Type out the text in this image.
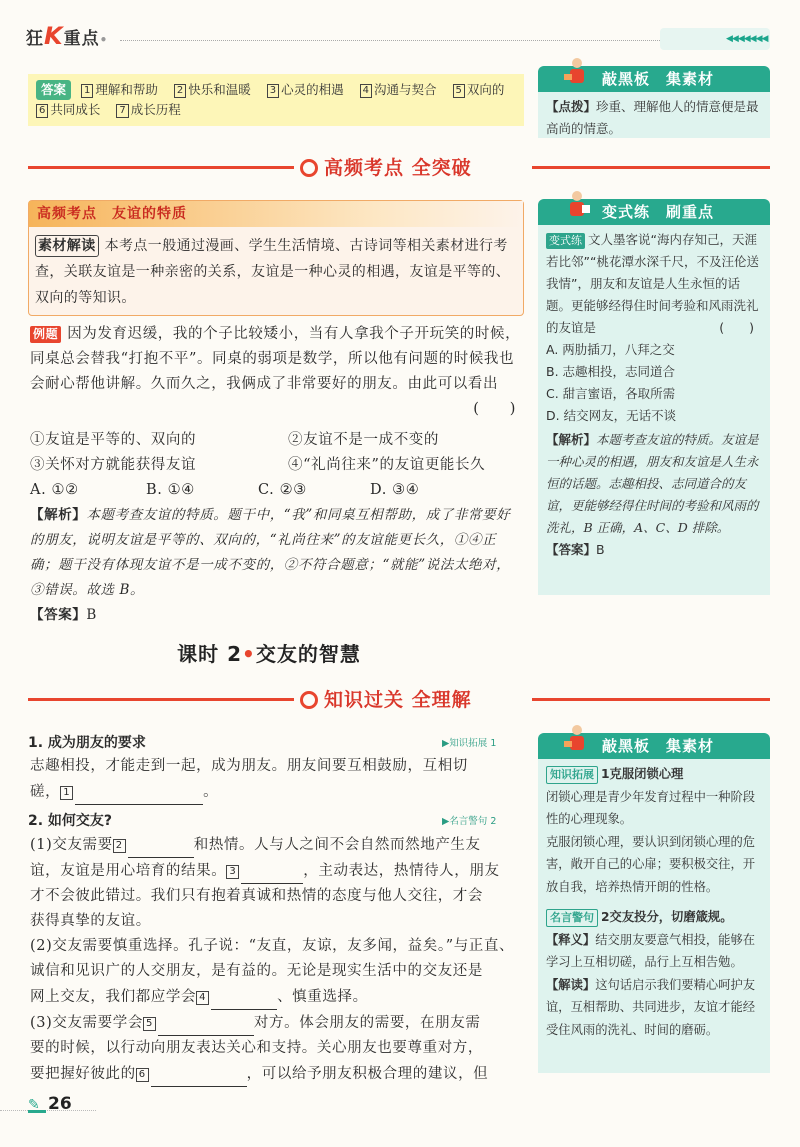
狂K重点•	◀◀◀◀◀◀◀
答案 1 理解和帮助 2 快乐和温暖 3 心灵的相遇 4 沟通与契合 5 双向的
6 共同成长 7 成长历程
敲黑板　集素材
【点拨】珍重、理解他人的情意便是最高尚的情意。
高频考点 全突破
高频考点　友谊的特质
素材解读 本考点一般通过漫画、学生生活情境、古诗词等相关素材进行考查，关联友谊是一种亲密的关系，友谊是一种心灵的相遇，友谊是平等的、双向的等知识。
例题 因为发育迟缓，我的个子比较矮小，当有人拿我个子开玩笑的时候，同桌总会替我“打抱不平”。同桌的弱项是数学，所以他有问题的时候我也会耐心帮他讲解。久而久之，我俩成了非常要好的朋友。由此可以看出
(　　)
①友谊是平等的、双向的	②友谊不是一成不变的
③关怀对方就能获得友谊	④“礼尚往来”的友谊更能长久
A. ①②	B. ①④	C. ②③	D. ③④
【解析】本题考查友谊的特质。题干中，“我”和同桌互相帮助，成了非常要好的朋友，说明友谊是平等的、双向的，“礼尚往来”的友谊能更长久，①④正确；题干没有体现友谊不是一成不变的，②不符合题意；“就能”说法太绝对，③错误。故选 B。
【答案】B
变式练　刷重点
变式练 文人墨客说“海内存知己，天涯若比邻”“桃花潭水深千尺，不及汪伦送我情”，朋友和友谊是人生永恒的话题。更能够经得住时间考验和风雨洗礼的友谊是	(　　)
A. 两肋插刀，八拜之交
B. 志趣相投，志同道合
C. 甜言蜜语，各取所需
D. 结交网友，无话不谈
【解析】本题考查友谊的特质。友谊是一种心灵的相遇，朋友和友谊是人生永恒的话题。志趣相投、志同道合的友谊，更能够经得住时间的考验和风雨的洗礼，B 正确，A、C、D 排除。
【答案】B
课时 2•交友的智慧
知识过关 全理解
1. 成为朋友的要求	▶知识拓展 1
志趣相投，才能走到一起，成为朋友。朋友间要互相鼓励，互相切
磋， 1	。
2. 如何交友?	▶名言警句 2
(1)交友需要 2	和热情。人与人之间不会自然而然地产生友
谊，友谊是用心培育的结果。 3	，主动表达，热情待人，朋友
才不会彼此错过。我们只有抱着真诚和热情的态度与他人交往，才会
获得真挚的友谊。
(2)交友需要慎重选择。孔子说：“友直，友谅，友多闻，益矣。”与正直、
诚信和见识广的人交朋友，是有益的。无论是现实生活中的交友还是
网上交友，我们都应学会 4	、慎重选择。
(3)交友需要学会 5	对方。体会朋友的需要，在朋友需
要的时候，以行动向朋友表达关心和支持。关心朋友也要尊重对方，
要把握好彼此的 6	，可以给予朋友积极合理的建议，但
敲黑板　集素材
知识拓展 1克服闭锁心理
闭锁心理是青少年发育过程中一种阶段性的心理现象。
克服闭锁心理，要认识到闭锁心理的危害，敞开自己的心扉；要积极交往，开放自我，培养热情开朗的性格。
名言警句 2交友投分，切磨箴规。
【释义】结交朋友要意气相投，能够在学习上互相切磋，品行上互相告勉。
【解读】这句话启示我们要精心呵护友谊，互相帮助、共同进步，友谊才能经受住风雨的洗礼、时间的磨砺。
✎ 26
